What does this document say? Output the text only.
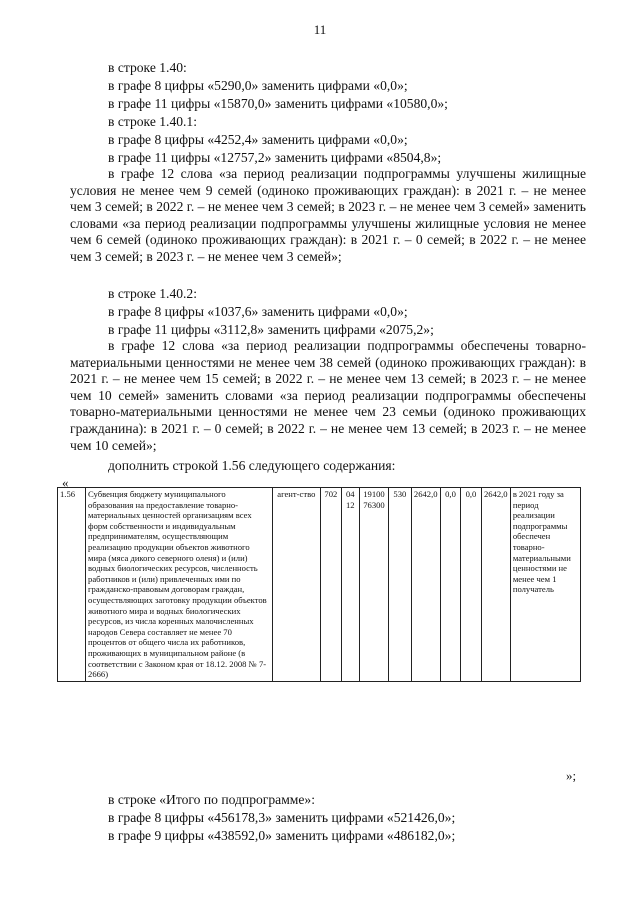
11
в строке 1.40:
в графе 8 цифры «5290,0» заменить цифрами «0,0»;
в графе 11 цифры «15870,0» заменить цифрами «10580,0»;
в строке 1.40.1:
в графе 8 цифры «4252,4» заменить цифрами «0,0»;
в графе 11 цифры «12757,2» заменить цифрами «8504,8»;
в графе 12 слова «за период реализации подпрограммы улучшены жилищные условия не менее чем 9 семей (одиноко проживающих граждан): в 2021 г. – не менее чем 3 семей; в 2022 г. – не менее чем 3 семей; в 2023 г. – не менее чем 3 семей» заменить словами «за период реализации подпрограммы улучшены жилищные условия не менее чем 6 семей (одиноко проживающих граждан): в 2021 г. – 0 семей; в 2022 г. – не менее чем 3 семей; в 2023 г. – не менее чем 3 семей»;
в строке 1.40.2:
в графе 8 цифры «1037,6» заменить цифрами «0,0»;
в графе 11 цифры «3112,8» заменить цифрами «2075,2»;
в графе 12 слова «за период реализации подпрограммы обеспечены товарно-материальными ценностями не менее чем 38 семей (одиноко проживающих граждан): в 2021 г. – не менее чем 15 семей; в 2022 г. – не менее чем 13 семей; в 2023 г. – не менее чем 10 семей» заменить словами «за период реализации подпрограммы обеспечены товарно-материальными ценностями не менее чем 23 семьи (одиноко проживающих гражданина): в 2021 г. – 0 семей; в 2022 г. – не менее чем 13 семей; в 2023 г. – не менее чем 10 семей»;
дополнить строкой 1.56 следующего содержания:
«
1.56	Субвенция бюджету муниципального образования на предоставление товарно-материальных ценностей организациям всех форм собственности и индивидуальным предпринимателям, осуществляющим реализацию продукции объектов животного мира (мяса дикого северного оленя) и (или) водных биологических ресурсов, численность работников и (или) привлеченных ими по гражданско-правовым договорам граждан, осуществляющих заготовку продукции объектов животного мира и водных биологических ресурсов, из числа коренных малочисленных народов Севера составляет не менее 70 процентов от общего числа их работников, проживающих в муниципальном районе (в соответствии с Законом края от 18.12. 2008 № 7-2666)	агент-ство	702	04 12	19100 76300	530	2642,0	0,0	0,0	2642,0	в 2021 году за период реализации подпрограммы обеспечен товарно-материальными ценностями не менее чем 1 получатель
»;
в строке «Итого по подпрограмме»:
в графе 8 цифры «456178,3» заменить цифрами «521426,0»;
в графе 9 цифры «438592,0» заменить цифрами «486182,0»;
